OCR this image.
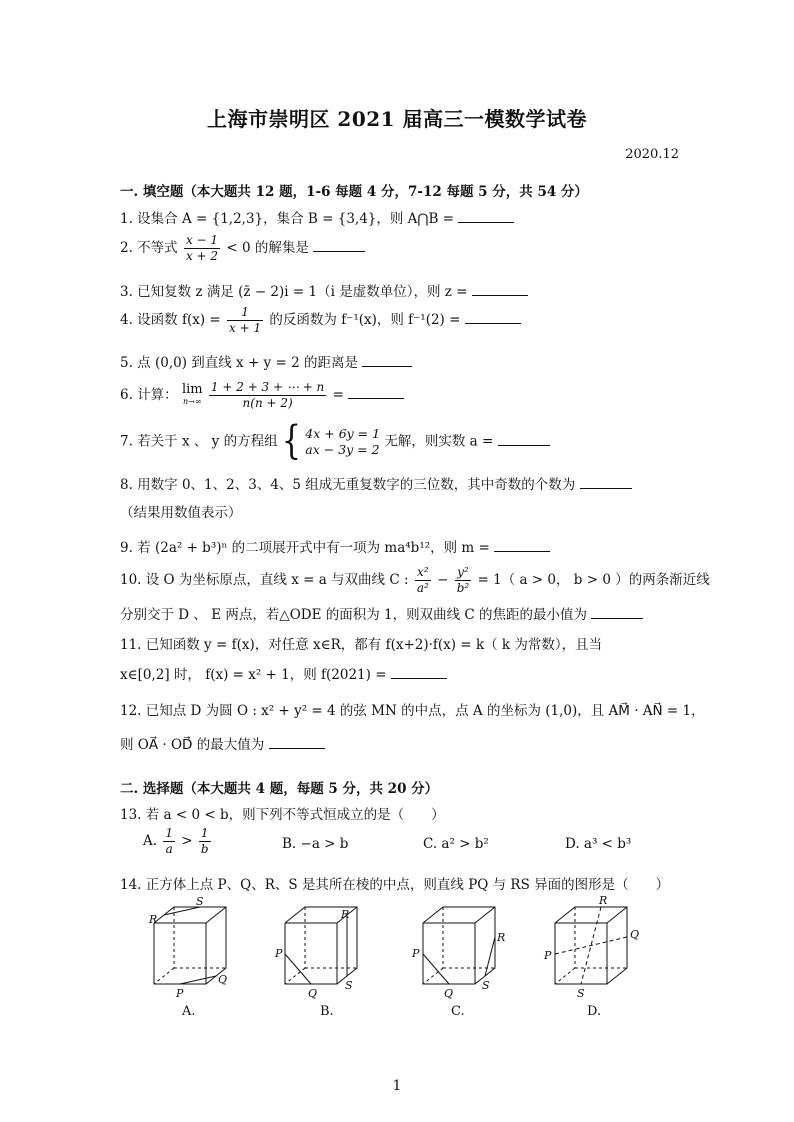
上海市崇明区 2021 届高三一模数学试卷
2020.12
一. 填空题（本大题共 12 题，1-6 每题 4 分，7-12 每题 5 分，共 54 分）
1. 设集合 A = {1,2,3}，集合 B = {3,4}，则 A⋂B =
2. 不等式 $\frac{x - 1}{x + 2} < 0$ 的解集是
3. 已知复数 z 满足 (z̄ − 2)i = 1（i 是虚数单位），则 z =
4. 设函数 $f(x) = \frac{1}{x + 1}$ 的反函数为 f⁻¹(x)，则 f⁻¹(2) =
5. 点 (0,0) 到直线 x + y = 2 的距离是
6. 计算： lim
n→∞
$\frac{1 + 2 + 3 + \cdots + n}{n(n + 2)}$ =
7. 若关于 x 、 y 的方程组 { 4x + 6y = 1
ax − 3y = 2 无解，则实数 a =
8. 用数字 0、1、2、3、4、5 组成无重复数字的三位数，其中奇数的个数为
（结果用数值表示）
9. 若 (2a² + b³)ⁿ 的二项展开式中有一项为 ma⁴b¹²，则 m =
10. 设 O 为坐标原点，直线 x = a 与双曲线 C : $\frac{\text{x²}}{\text{a²}} - \frac{\text{y²}}{\text{b²}} = 1$（ a > 0， b > 0 ）的两条渐近线
分别交于 D 、 E 两点，若△ODE 的面积为 1，则双曲线 C 的焦距的最小值为
11. 已知函数 y = f(x)，对任意 x∈R，都有 f(x+2)·f(x) = k（ k 为常数），且当
x∈[0,2] 时， f(x) = x² + 1，则 f(2021) =
12. 已知点 D 为圆 O : x² + y² = 4 的弦 MN 的中点，点 A 的坐标为 (1,0)，且 AM⃗ · AN⃗ = 1，
则 OA⃗ · OD⃗ 的最大值为
二. 选择题（本大题共 4 题，每题 5 分，共 20 分）
13. 若 a < 0 < b，则下列不等式恒成立的是（　　）
A. $\frac{1}{a} > \frac{1}{b}$	B. −a > b	C. a² > b²	D. a³ < b³
14. 正方体上点 P、Q、R、S 是其所在棱的中点，则直线 PQ 与 RS 异面的图形是（　　）
R
S
Q
P
R
P
S
Q
R
P
S
Q
R
Q
P
S
A.	B.	C.	D.
1
